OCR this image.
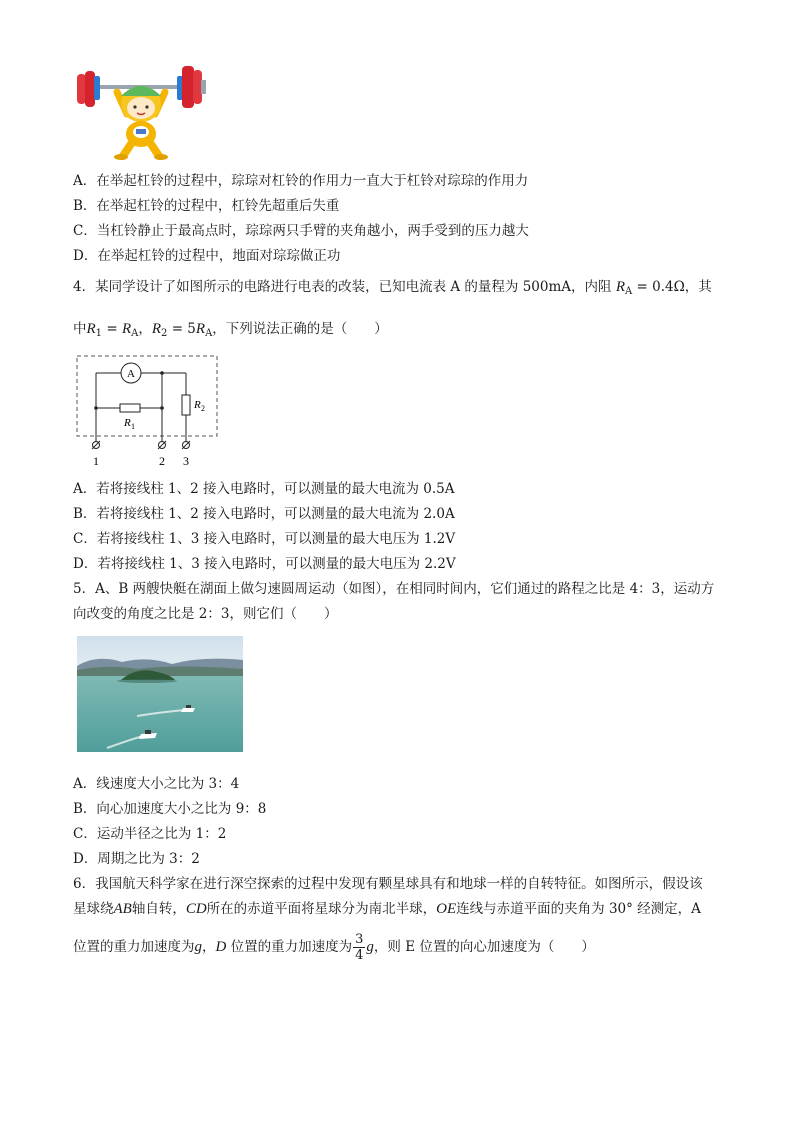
A．在举起杠铃的过程中，琮琮对杠铃的作用力一直大于杠铃对琮琮的作用力
B．在举起杠铃的过程中，杠铃先超重后失重
C．当杠铃静止于最高点时，琮琮两只手臂的夹角越小，两手受到的压力越大
D．在举起杠铃的过程中，地面对琮琮做正功
4．某同学设计了如图所示的电路进行电表的改装，已知电流表 A 的量程为 500mA，内阻 $R_A = 0.4\Omega$，其
中$R_1 = R_A$，$R_2 = 5R_A$，下列说法正确的是（　　）
A
R 1
R 2
1	2 3
A．若将接线柱 1、2 接入电路时，可以测量的最大电流为 0.5A
B．若将接线柱 1、2 接入电路时，可以测量的最大电流为 2.0A
C．若将接线柱 1、3 接入电路时，可以测量的最大电压为 1.2V
D．若将接线柱 1、3 接入电路时，可以测量的最大电压为 2.2V
5．A、B 两艘快艇在湖面上做匀速圆周运动（如图），在相同时间内，它们通过的路程之比是 4：3，运动方
向改变的角度之比是 2：3，则它们（　　）
A．线速度大小之比为 3：4
B．向心加速度大小之比为 9：8
C．运动半径之比为 1：2
D．周期之比为 3：2
6．我国航天科学家在进行深空探索的过程中发现有颗星球具有和地球一样的自转特征。如图所示，假设该
星球绕AB轴自转，CD所在的赤道平面将星球分为南北半球，OE连线与赤道平面的夹角为 30° 经测定，A
位置的重力加速度为g，D 位置的重力加速度为 $\frac{3}{4}$ g，则 E 位置的向心加速度为（　　）
